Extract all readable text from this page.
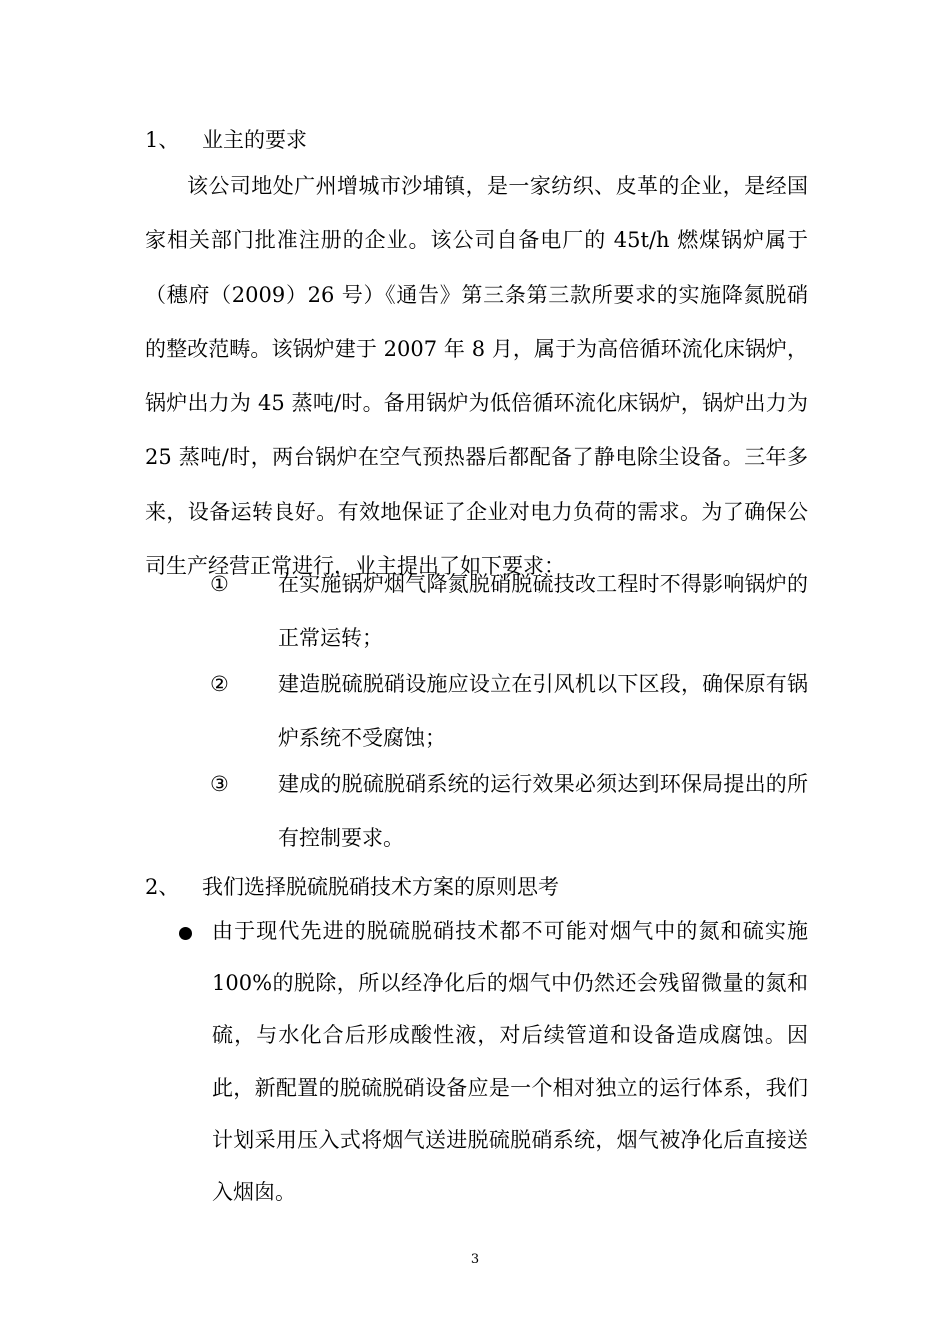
1、 业主的要求
该公司地处广州增城市沙埔镇，是一家纺织、皮革的企业，是经国家相关部门批准注册的企业。该公司自备电厂的 45t/h 燃煤锅炉属于（穗府（2009）26 号）《通告》第三条第三款所要求的实施降氮脱硝的整改范畴。该锅炉建于 2007 年 8 月，属于为高倍循环流化床锅炉，锅炉出力为 45 蒸吨/时。备用锅炉为低倍循环流化床锅炉，锅炉出力为 25 蒸吨/时，两台锅炉在空气预热器后都配备了静电除尘设备。三年多来，设备运转良好。有效地保证了企业对电力负荷的需求。为了确保公司生产经营正常进行，业主提出了如下要求：
① 在实施锅炉烟气降氮脱硝脱硫技改工程时不得影响锅炉的正常运转；
② 建造脱硫脱硝设施应设立在引风机以下区段，确保原有锅炉系统不受腐蚀；
③ 建成的脱硫脱硝系统的运行效果必须达到环保局提出的所有控制要求。
2、 我们选择脱硫脱硝技术方案的原则思考
由于现代先进的脱硫脱硝技术都不可能对烟气中的氮和硫实施 100%的脱除，所以经净化后的烟气中仍然还会残留微量的氮和硫，与水化合后形成酸性液，对后续管道和设备造成腐蚀。因此，新配置的脱硫脱硝设备应是一个相对独立的运行体系，我们计划采用压入式将烟气送进脱硫脱硝系统，烟气被净化后直接送入烟囱。
3
